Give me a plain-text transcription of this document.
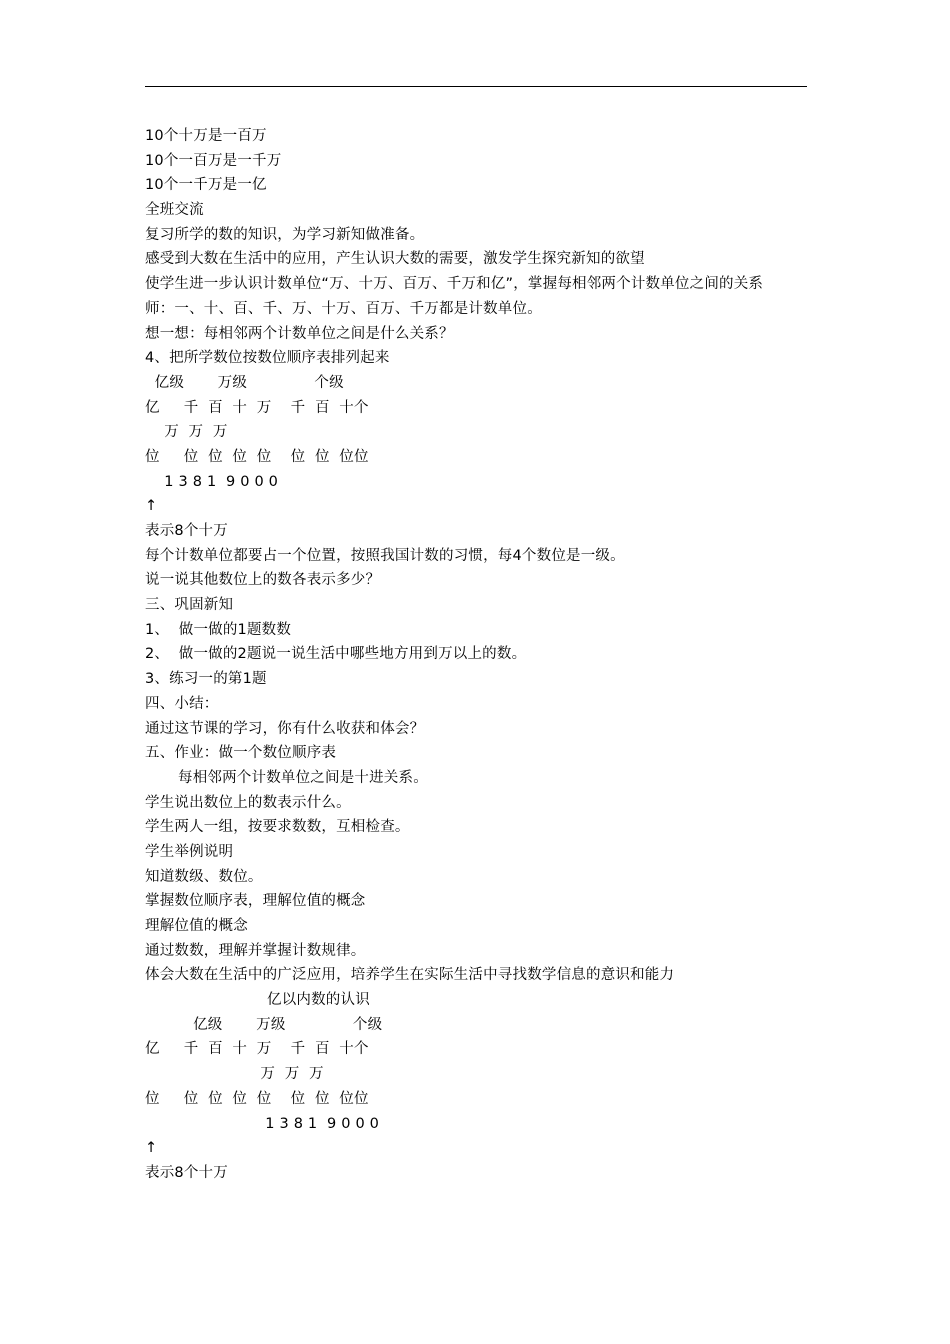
10个十万是一百万
10个一百万是一千万
10个一千万是一亿
全班交流
复习所学的数的知识，为学习新知做准备。
感受到大数在生活中的应用，产生认识大数的需要，激发学生探究新知的欲望
使学生进一步认识计数单位“万、十万、百万、千万和亿”，掌握每相邻两个计数单位之间的关系
师：一、十、百、千、万、十万、百万、千万都是计数单位。
想一想：每相邻两个计数单位之间是什么关系？
4、把所学数位按数位顺序表排列起来
亿级       万级              个级
亿     千  百  十  万    千  百  十个
万  万  万
位     位  位  位  位    位  位  位位
1 3 8 1  9 0 0 0
↑
表示8个十万
每个计数单位都要占一个位置，按照我国计数的习惯，每4个数位是一级。
说一说其他数位上的数各表示多少？
三、巩固新知
1、  做一做的1题数数
2、  做一做的2题说一说生活中哪些地方用到万以上的数。
3、练习一的第1题
四、小结：
通过这节课的学习，你有什么收获和体会？
五、作业：做一个数位顺序表
每相邻两个计数单位之间是十进关系。
学生说出数位上的数表示什么。
学生两人一组，按要求数数，互相检查。
学生举例说明
知道数级、数位。
掌握数位顺序表，理解位值的概念
理解位值的概念
通过数数，理解并掌握计数规律。
体会大数在生活中的广泛应用，培养学生在实际生活中寻找数学信息的意识和能力
亿以内数的认识
亿级       万级              个级
亿     千  百  十  万    千  百  十个
万  万  万
位     位  位  位  位    位  位  位位
1 3 8 1  9 0 0 0
↑
表示8个十万
